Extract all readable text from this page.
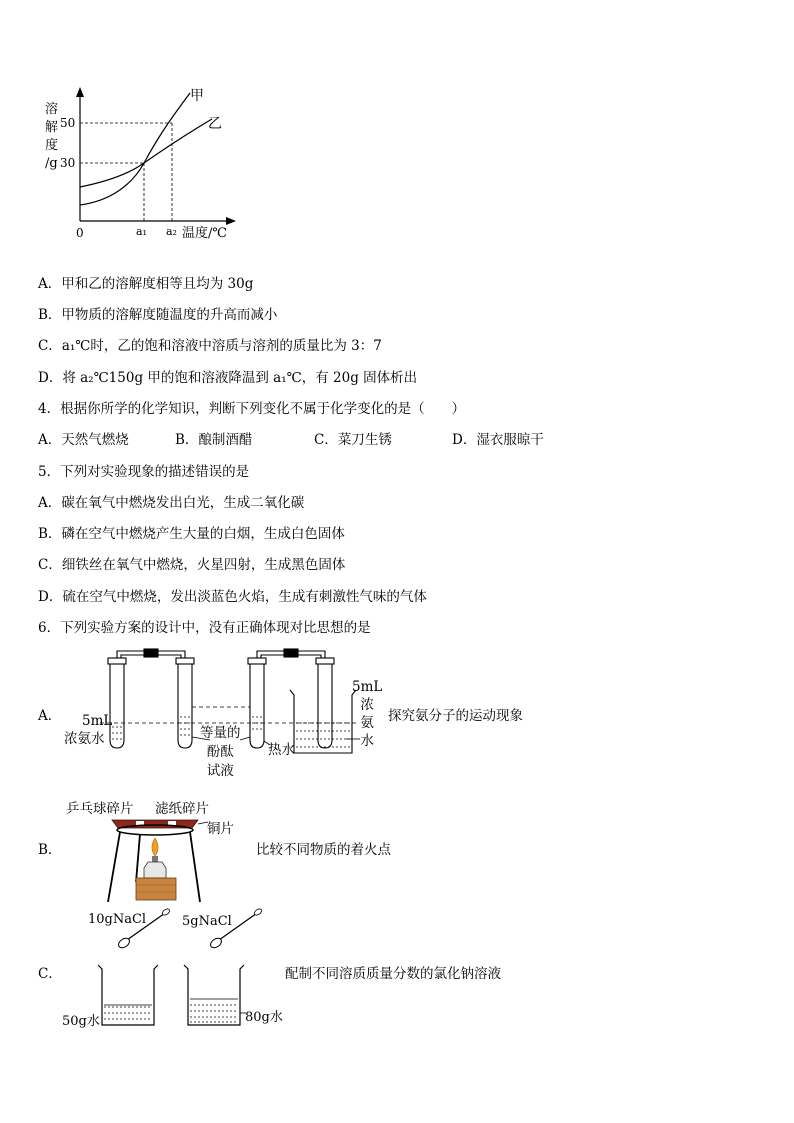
50
30
0	a₁ a₂ 温度/℃
甲
乙
溶
解
度
/g
A．甲和乙的溶解度相等且均为 30g
B．甲物质的溶解度随温度的升高而减小
C．a₁℃时，乙的饱和溶液中溶质与溶剂的质量比为 3：7
D．将 a₂℃150g 甲的饱和溶液降温到 a₁℃，有 20g 固体析出
4．根据你所学的化学知识，判断下列变化不属于化学变化的是（　　）
A．天然气燃烧	B．酿制酒醋	C．菜刀生锈	D．湿衣服晾干
5．下列对实验现象的描述错误的是
A．碳在氧气中燃烧发出白光，生成二氧化碳
B．磷在空气中燃烧产生大量的白烟，生成白色固体
C．细铁丝在氧气中燃烧，火星四射，生成黑色固体
D．硫在空气中燃烧，发出淡蓝色火焰，生成有刺激性气味的气体
6．下列实验方案的设计中，没有正确体现对比思想的是
A． 5mL
浓氨水	等量的
酚酞
试液
热水
5mL
浓
氨
水
探究氨分子的运动现象
B．
乒乓球碎片 滤纸碎片
铜片
比较不同物质的着火点
C．
10gNaCl	5gNaCl
50g水	80g水
配制不同溶质质量分数的氯化钠溶液
